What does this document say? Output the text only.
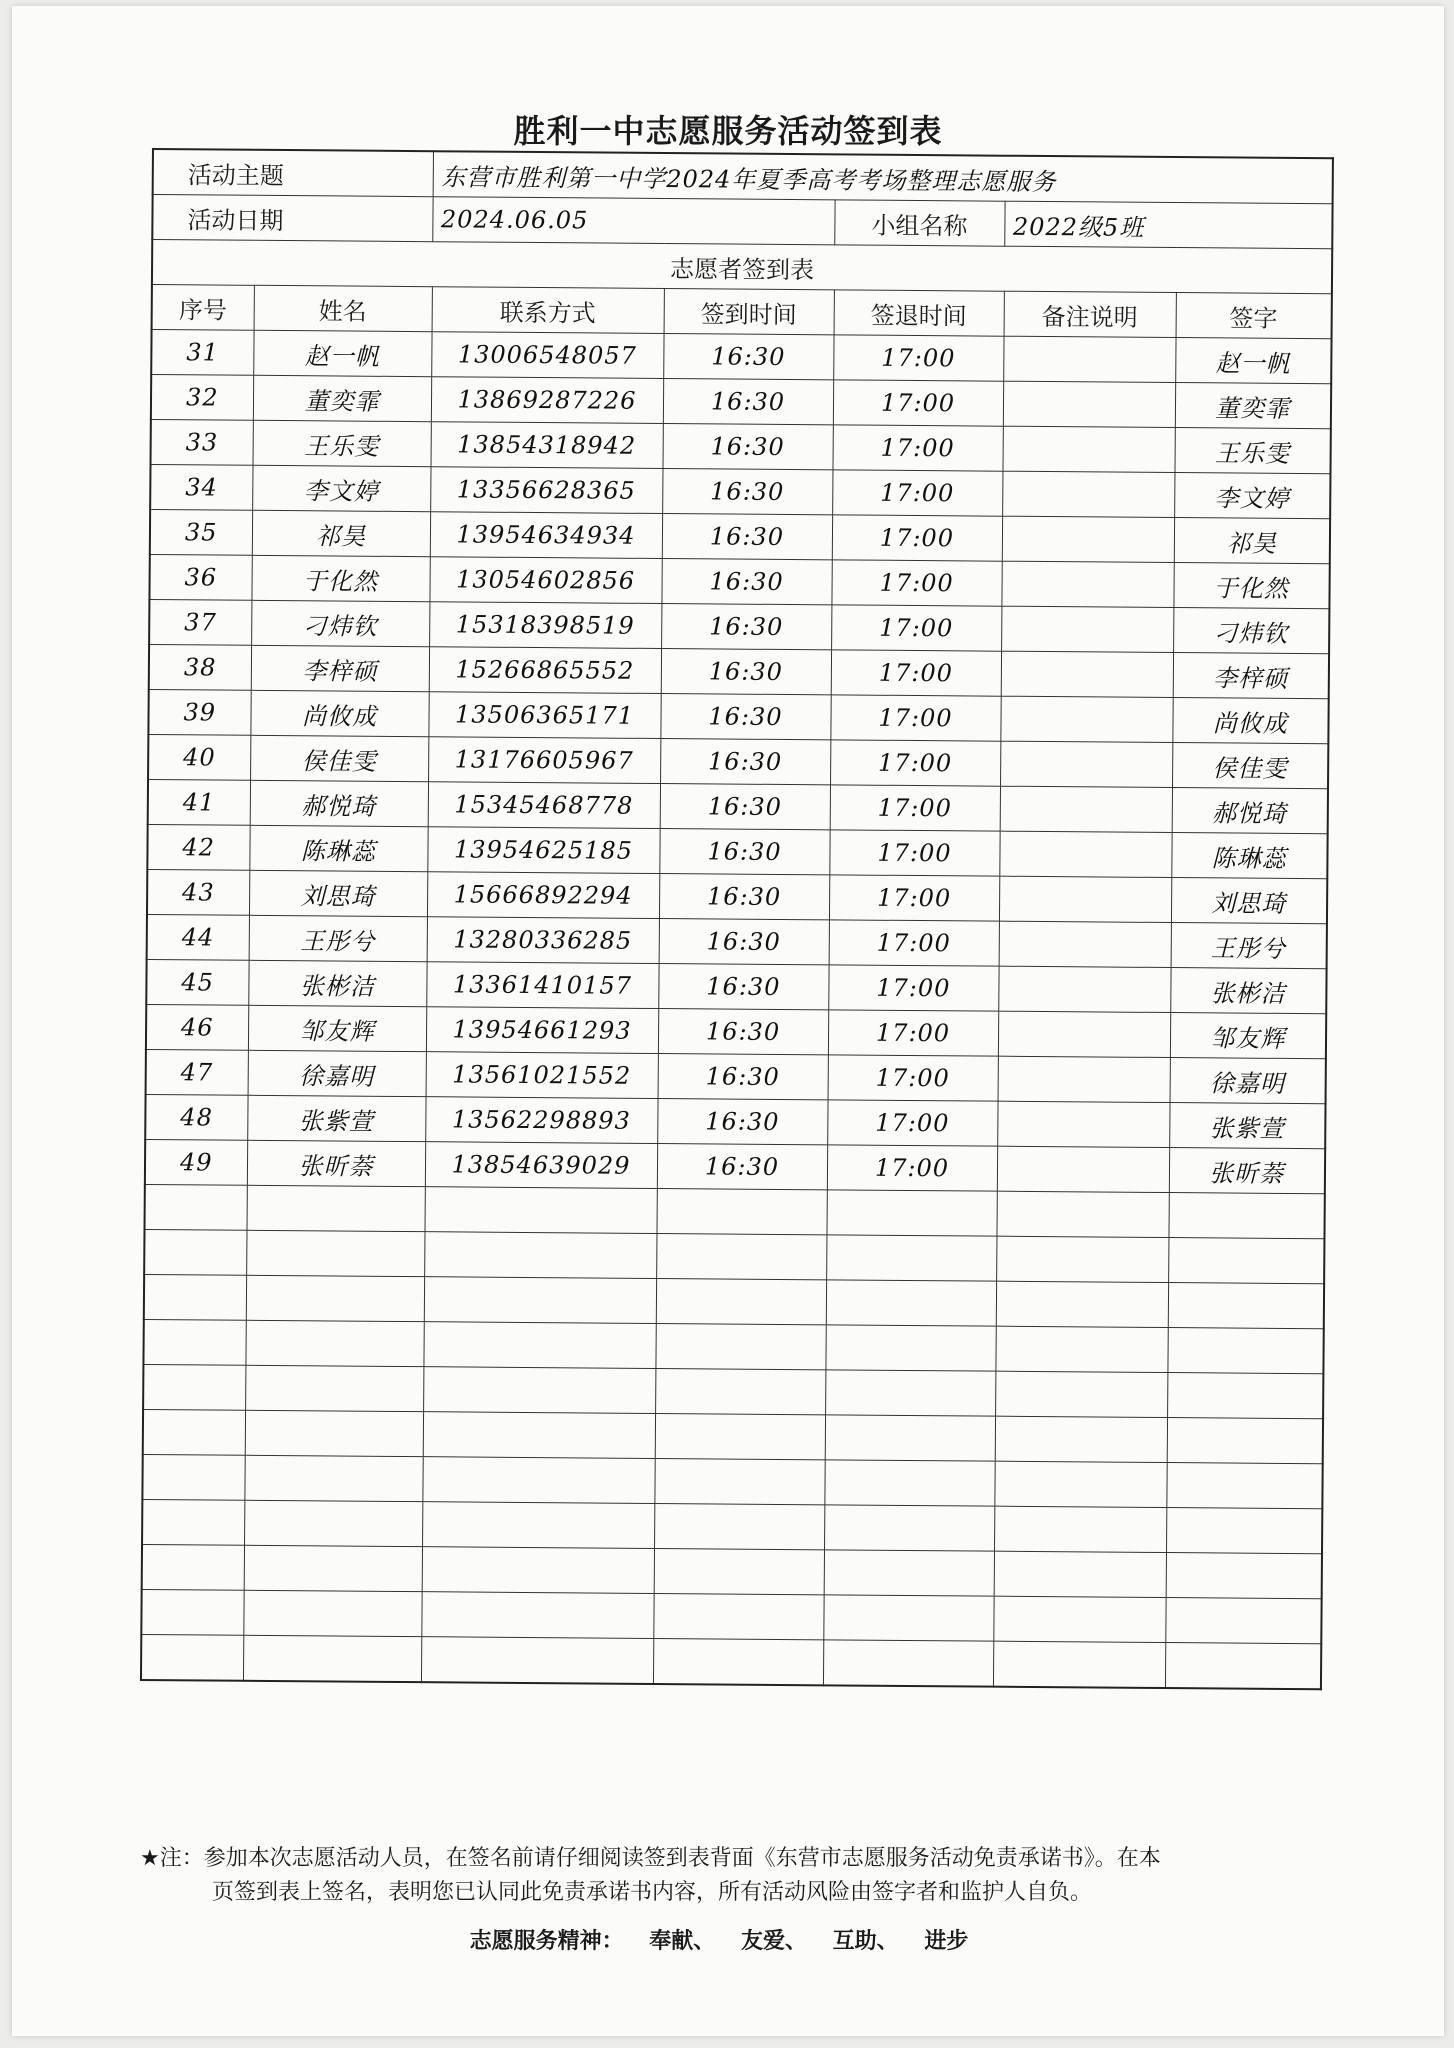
胜利一中志愿服务活动签到表
活动主题		东营市胜利第一中学2024年夏季高考考场整理志愿服务				
活动日期		2024.06.05		小组名称	2022级5班	
志愿者签到表						
序号	姓名	联系方式	签到时间	签退时间	备注说明	签字
31	赵一帆	13006548057	16:30	17:00		赵一帆
32	董奕霏	13869287226	16:30	17:00		董奕霏
33	王乐雯	13854318942	16:30	17:00		王乐雯
34	李文婷	13356628365	16:30	17:00		李文婷
35	祁昊	13954634934	16:30	17:00		祁昊
36	于化然	13054602856	16:30	17:00		于化然
37	刁炜钦	15318398519	16:30	17:00		刁炜钦
38	李梓硕	15266865552	16:30	17:00		李梓硕
39	尚攸成	13506365171	16:30	17:00		尚攸成
40	侯佳雯	13176605967	16:30	17:00		侯佳雯
41	郝悦琦	15345468778	16:30	17:00		郝悦琦
42	陈琳蕊	13954625185	16:30	17:00		陈琳蕊
43	刘思琦	15666892294	16:30	17:00		刘思琦
44	王彤兮	13280336285	16:30	17:00		王彤兮
45	张彬洁	13361410157	16:30	17:00		张彬洁
46	邹友辉	13954661293	16:30	17:00		邹友辉
47	徐嘉明	13561021552	16:30	17:00		徐嘉明
48	张紫萱	13562298893	16:30	17:00		张紫萱
49	张昕萘	13854639029	16:30	17:00		张昕萘

★注：参加本次志愿活动人员，在签名前请仔细阅读签到表背面《东营市志愿服务活动免责承诺书》。在本
页签到表上签名，表明您已认同此免责承诺书内容，所有活动风险由签字者和监护人自负。
志愿服务精神： 奉献、 友爱、 互助、 进步
